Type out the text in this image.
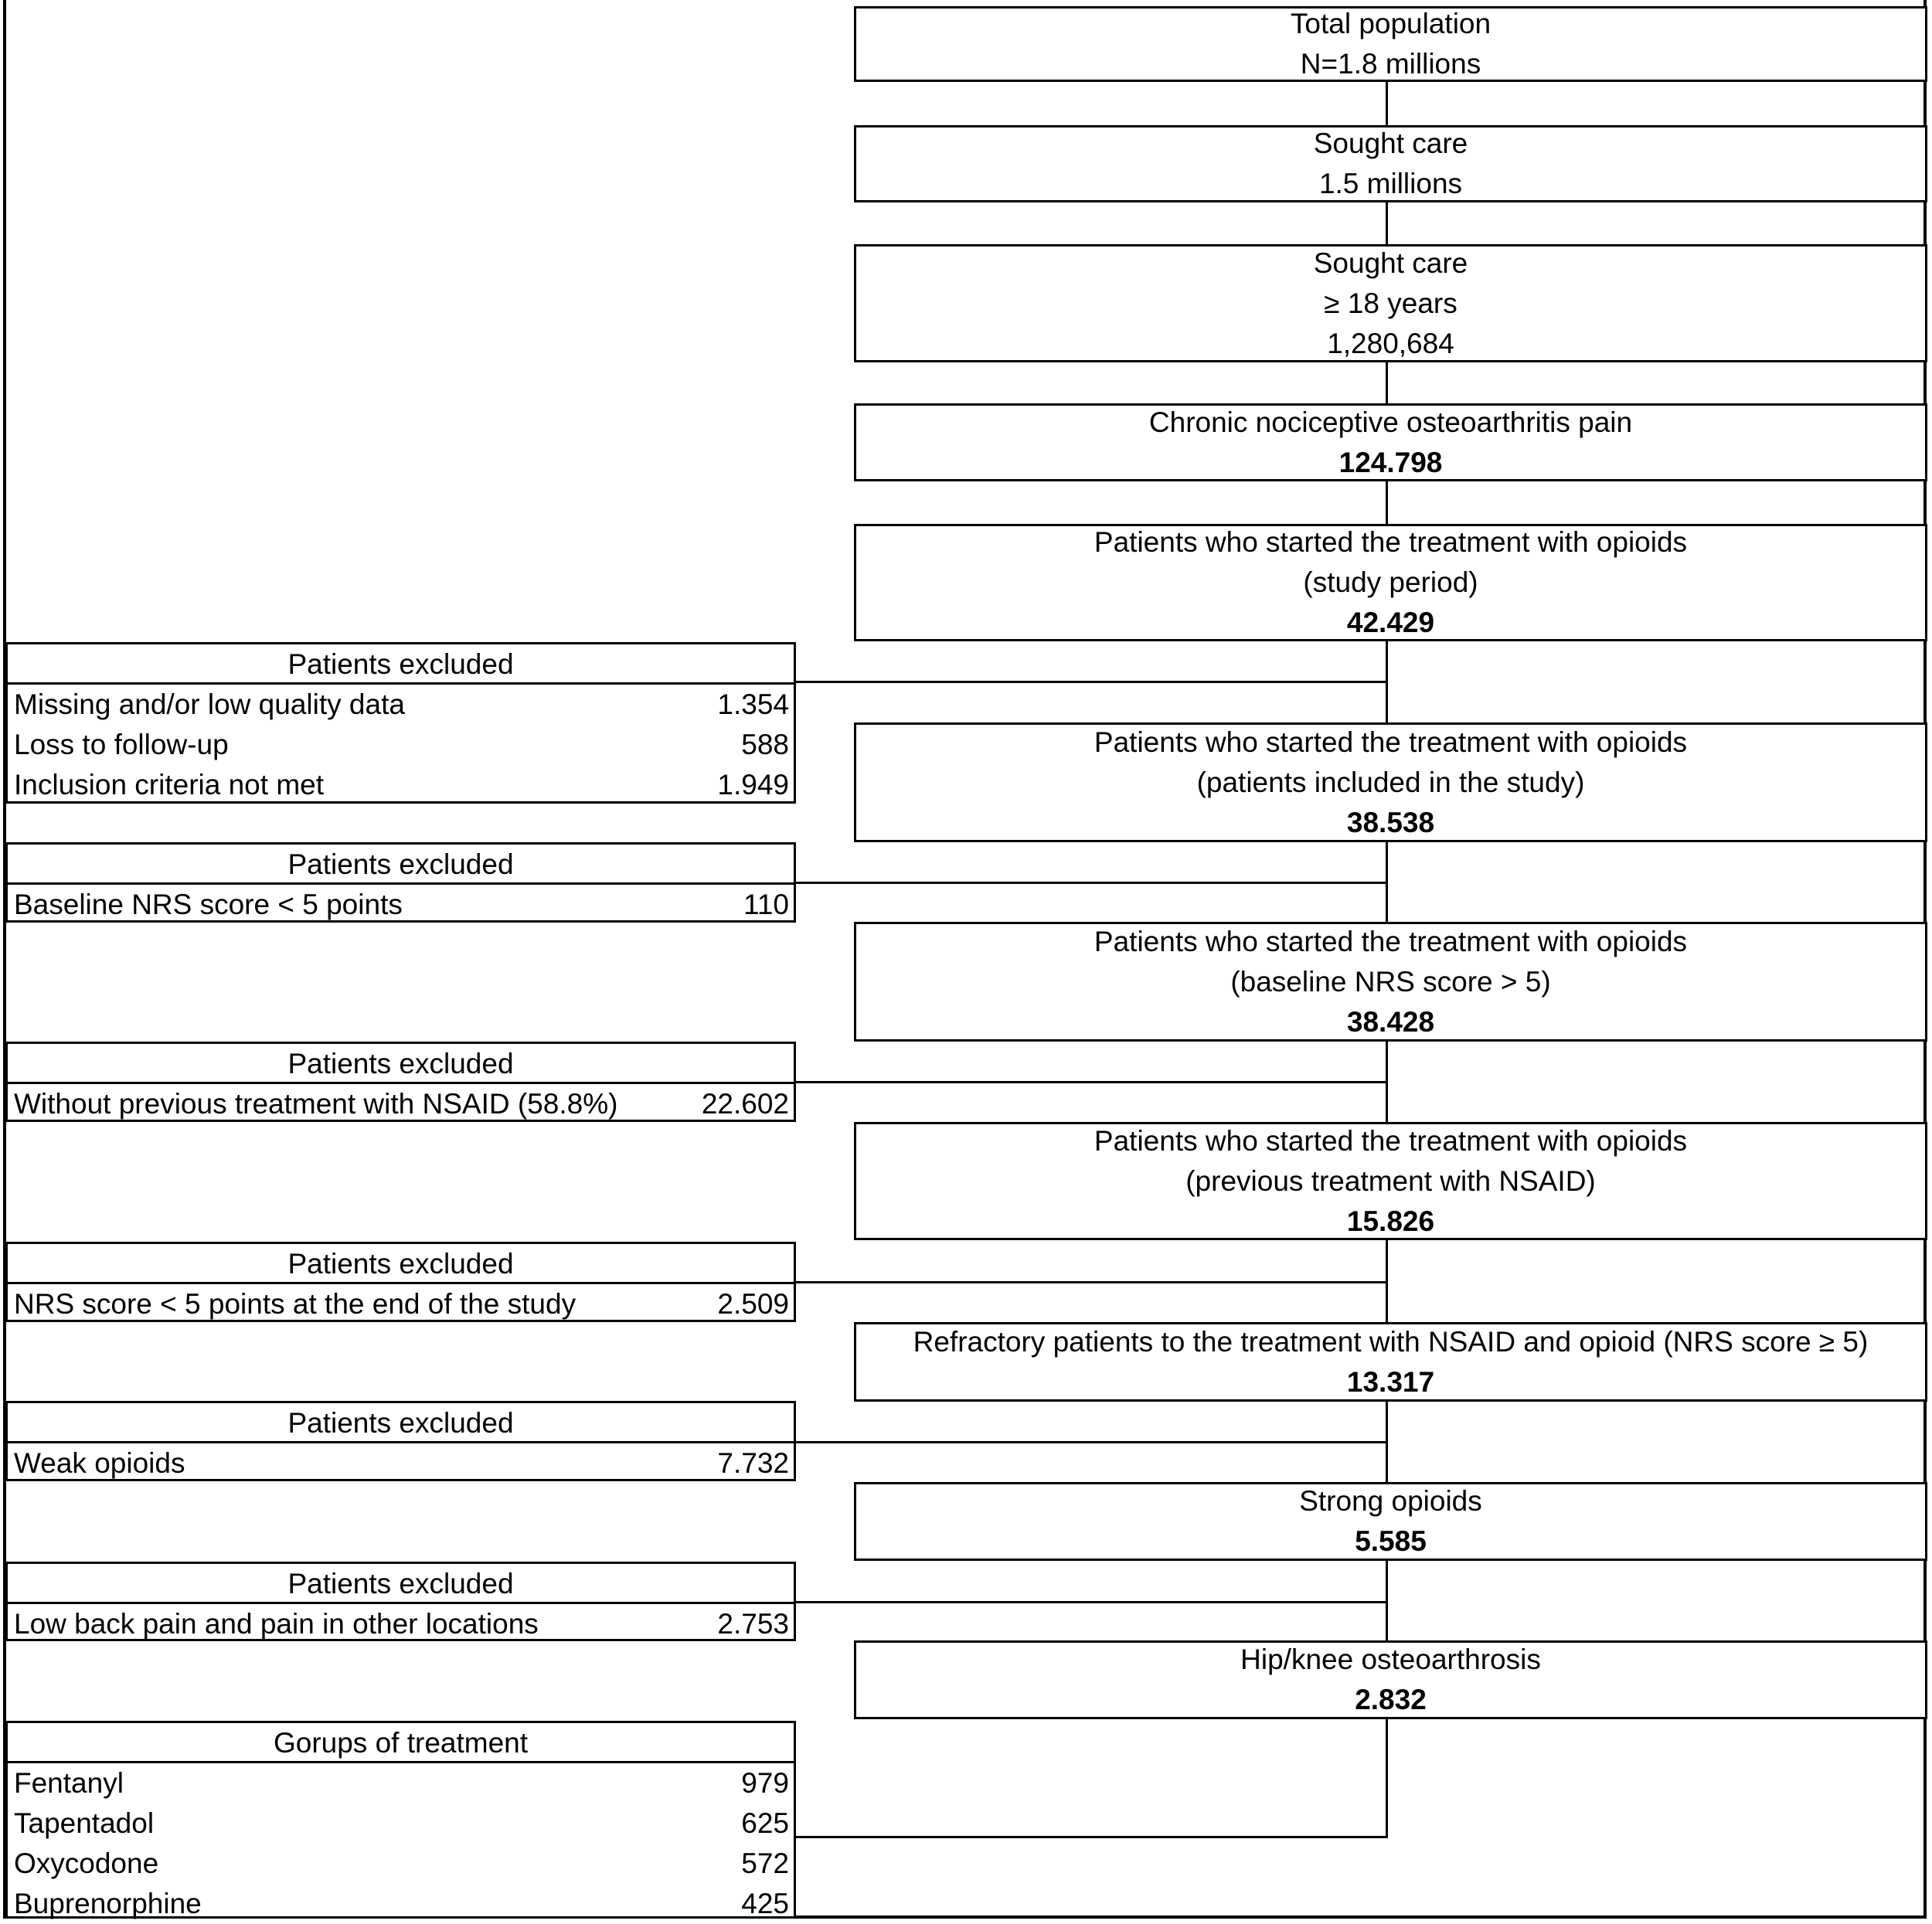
Total population
N=1.8 millions
Sought care
1.5 millions
Sought care
≥ 18 years
1,280,684
Chronic nociceptive osteoarthritis pain
124.798
Patients who started the treatment with opioids
(study period)
42.429
Patients who started the treatment with opioids
(patients included in the study)
38.538
Patients who started the treatment with opioids
(baseline NRS score > 5)
38.428
Patients who started the treatment with opioids
(previous treatment with NSAID)
15.826
Refractory patients to the treatment with NSAID and opioid (NRS score ≥ 5)
13.317
Strong opioids
5.585
Hip/knee osteoarthrosis
2.832
Patients excluded
Missing and/or low quality data	1.354
Loss to follow-up	588
Inclusion criteria not met	1.949
Patients excluded
Baseline NRS score < 5 points	110
Patients excluded
Without previous treatment with NSAID (58.8%)	22.602
Patients excluded
NRS score < 5 points at the end of the study	2.509
Patients excluded
Weak opioids	7.732
Patients excluded
Low back pain and pain in other locations	2.753
Gorups of treatment
Fentanyl	979
Tapentadol	625
Oxycodone	572
Buprenorphine	425
